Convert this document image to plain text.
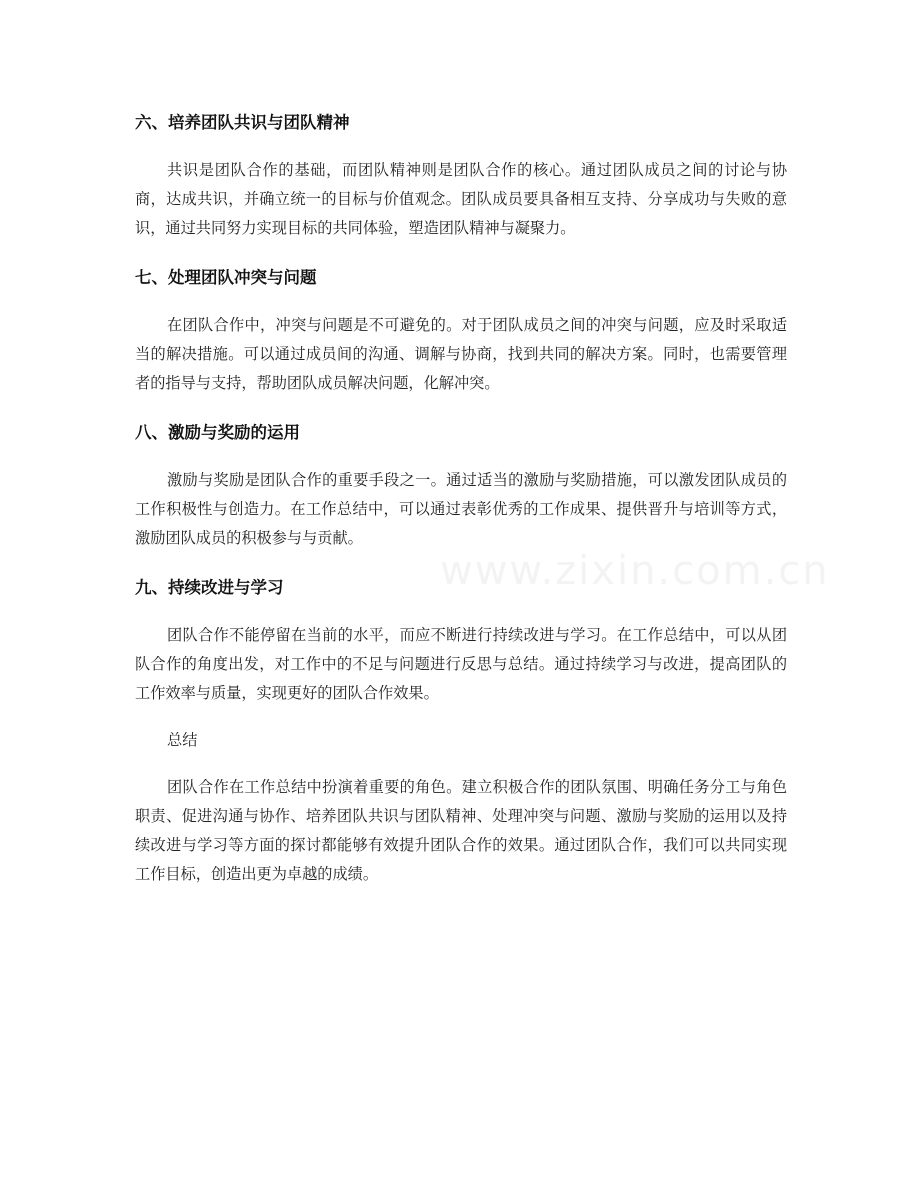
www.zixin.com.cn
六、培养团队共识与团队精神

共识是团队合作的基础，而团队精神则是团队合作的核心。通过团队成员之间的讨论与协商，达成共识，并确立统一的目标与价值观念。团队成员要具备相互支持、分享成功与失败的意识，通过共同努力实现目标的共同体验，塑造团队精神与凝聚力。

七、处理团队冲突与问题

在团队合作中，冲突与问题是不可避免的。对于团队成员之间的冲突与问题，应及时采取适当的解决措施。可以通过成员间的沟通、调解与协商，找到共同的解决方案。同时，也需要管理者的指导与支持，帮助团队成员解决问题，化解冲突。

八、激励与奖励的运用

激励与奖励是团队合作的重要手段之一。通过适当的激励与奖励措施，可以激发团队成员的工作积极性与创造力。在工作总结中，可以通过表彰优秀的工作成果、提供晋升与培训等方式，激励团队成员的积极参与与贡献。

九、持续改进与学习

团队合作不能停留在当前的水平，而应不断进行持续改进与学习。在工作总结中，可以从团队合作的角度出发，对工作中的不足与问题进行反思与总结。通过持续学习与改进，提高团队的工作效率与质量，实现更好的团队合作效果。

总结

团队合作在工作总结中扮演着重要的角色。建立积极合作的团队氛围、明确任务分工与角色职责、促进沟通与协作、培养团队共识与团队精神、处理冲突与问题、激励与奖励的运用以及持续改进与学习等方面的探讨都能够有效提升团队合作的效果。通过团队合作，我们可以共同实现工作目标，创造出更为卓越的成绩。
